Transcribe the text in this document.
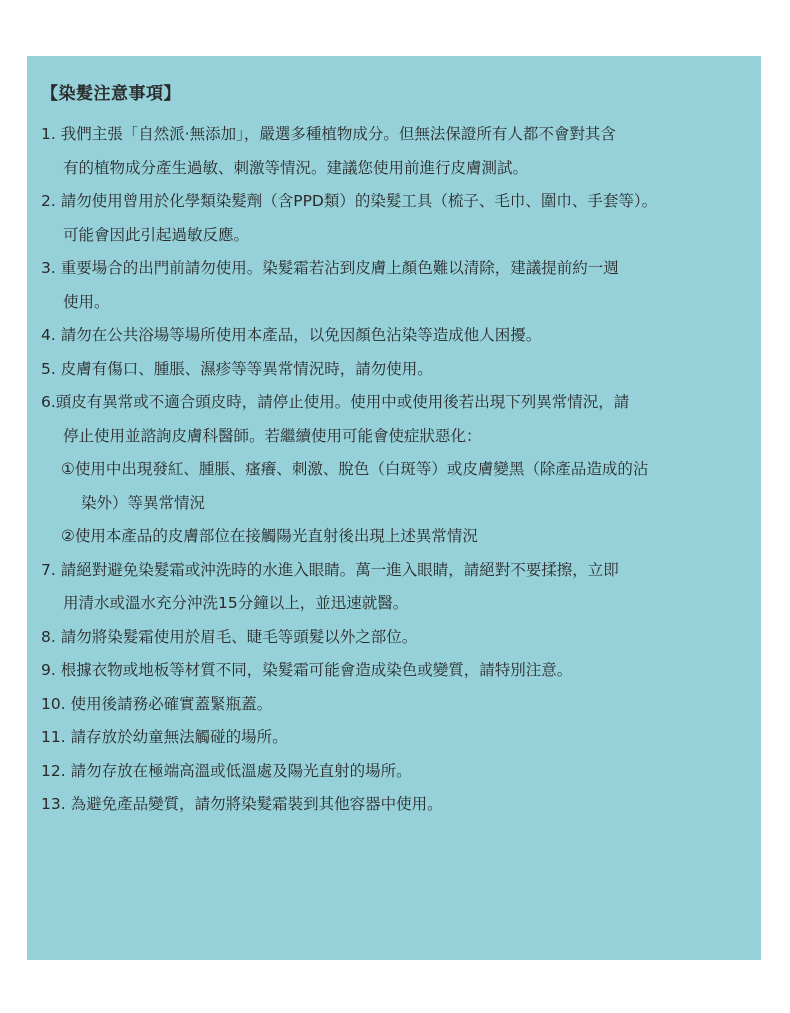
【染髮注意事項】
1. 我們主張「自然派‧無添加」，嚴選多種植物成分。但無法保證所有人都不會對其含
有的植物成分產生過敏、刺激等情況。建議您使用前進行皮膚測試。
2. 請勿使用曾用於化學類染髮劑（含PPD類）的染髮工具（梳子、毛巾、圍巾、手套等）。
可能會因此引起過敏反應。
3. 重要場合的出門前請勿使用。染髮霜若沾到皮膚上顏色難以清除，建議提前約一週
使用。
4. 請勿在公共浴場等場所使用本產品，以免因顏色沾染等造成他人困擾。
5. 皮膚有傷口、腫脹、濕疹等等異常情況時，請勿使用。
6.頭皮有異常或不適合頭皮時，請停止使用。使用中或使用後若出現下列異常情況，請
停止使用並諮詢皮膚科醫師。若繼續使用可能會使症狀惡化：
①使用中出現發紅、腫脹、瘙癢、刺激、脫色（白斑等）或皮膚變黑（除產品造成的沾
染外）等異常情況
②使用本產品的皮膚部位在接觸陽光直射後出現上述異常情況
7. 請絕對避免染髮霜或沖洗時的水進入眼睛。萬一進入眼睛，請絕對不要揉擦，立即
用清水或溫水充分沖洗15分鐘以上，並迅速就醫。
8. 請勿將染髮霜使用於眉毛、睫毛等頭髮以外之部位。
9. 根據衣物或地板等材質不同，染髮霜可能會造成染色或變質，請特別注意。
10. 使用後請務必確實蓋緊瓶蓋。
11. 請存放於幼童無法觸碰的場所。
12. 請勿存放在極端高溫或低溫處及陽光直射的場所。
13. 為避免產品變質，請勿將染髮霜裝到其他容器中使用。
